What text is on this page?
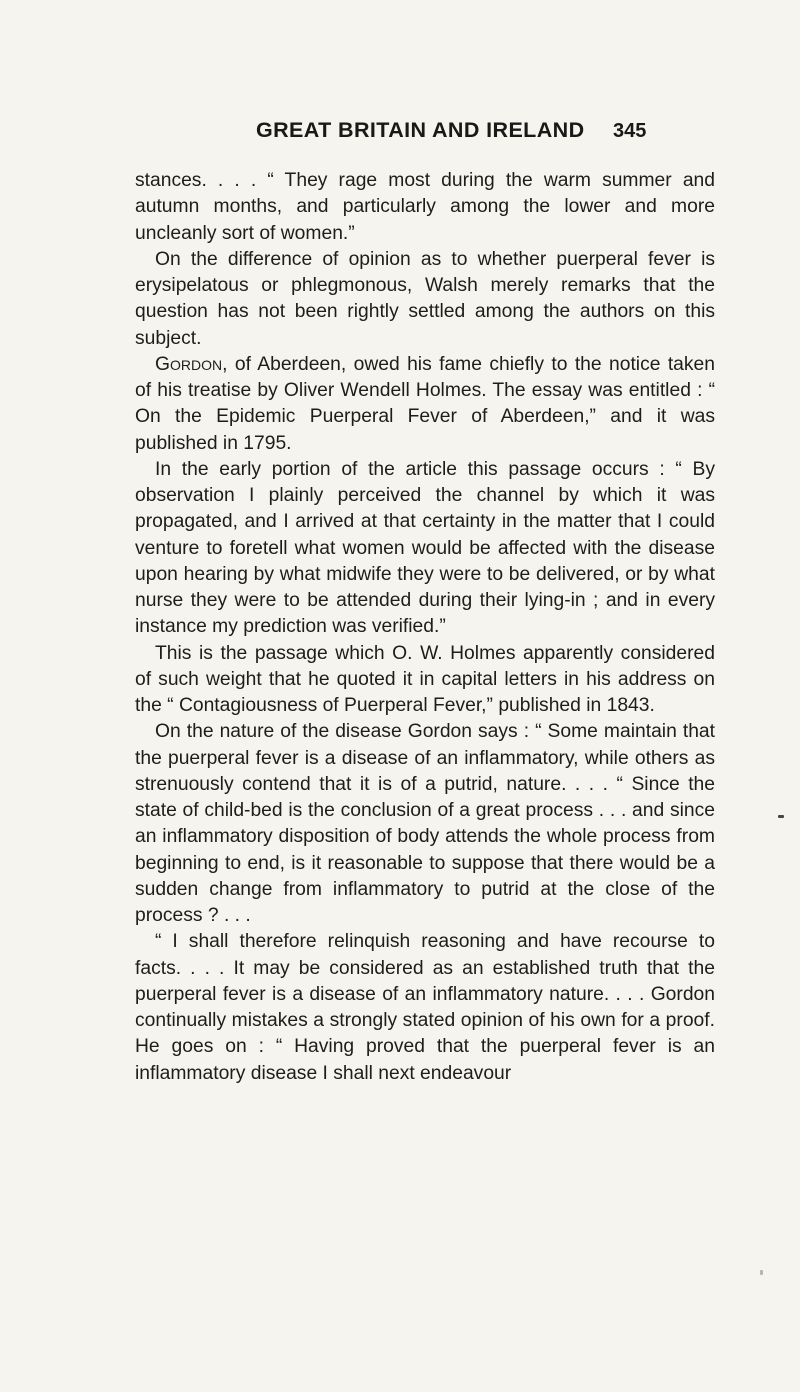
GREAT BRITAIN AND IRELAND 345

stances. . . . “ They rage most during the warm summer and autumn months, and particularly among the lower and more uncleanly sort of women.”

On the difference of opinion as to whether puerperal fever is erysipelatous or phlegmonous, Walsh merely remarks that the question has not been rightly settled among the authors on this subject.

Gordon, of Aberdeen, owed his fame chiefly to the notice taken of his treatise by Oliver Wendell Holmes. The essay was entitled : “ On the Epidemic Puerperal Fever of Aberdeen,” and it was published in 1795.

In the early portion of the article this passage occurs : “ By observation I plainly perceived the channel by which it was propagated, and I arrived at that certainty in the matter that I could venture to foretell what women would be affected with the disease upon hearing by what midwife they were to be delivered, or by what nurse they were to be attended during their lying-in ; and in every instance my prediction was verified.”

This is the passage which O. W. Holmes apparently considered of such weight that he quoted it in capital letters in his address on the “ Contagiousness of Puerperal Fever,” published in 1843.

On the nature of the disease Gordon says : “ Some maintain that the puerperal fever is a disease of an inflammatory, while others as strenuously contend that it is of a putrid, nature. . . . “ Since the state of child-bed is the conclusion of a great process . . . and since an inflammatory disposition of body attends the whole process from beginning to end, is it reasonable to suppose that there would be a sudden change from inflammatory to putrid at the close of the process ? . . .

“ I shall therefore relinquish reasoning and have recourse to facts. . . . It may be considered as an established truth that the puerperal fever is a disease of an inflammatory nature. . . . Gordon continually mistakes a strongly stated opinion of his own for a proof. He goes on : “ Having proved that the puerperal fever is an inflammatory disease I shall next endeavour
